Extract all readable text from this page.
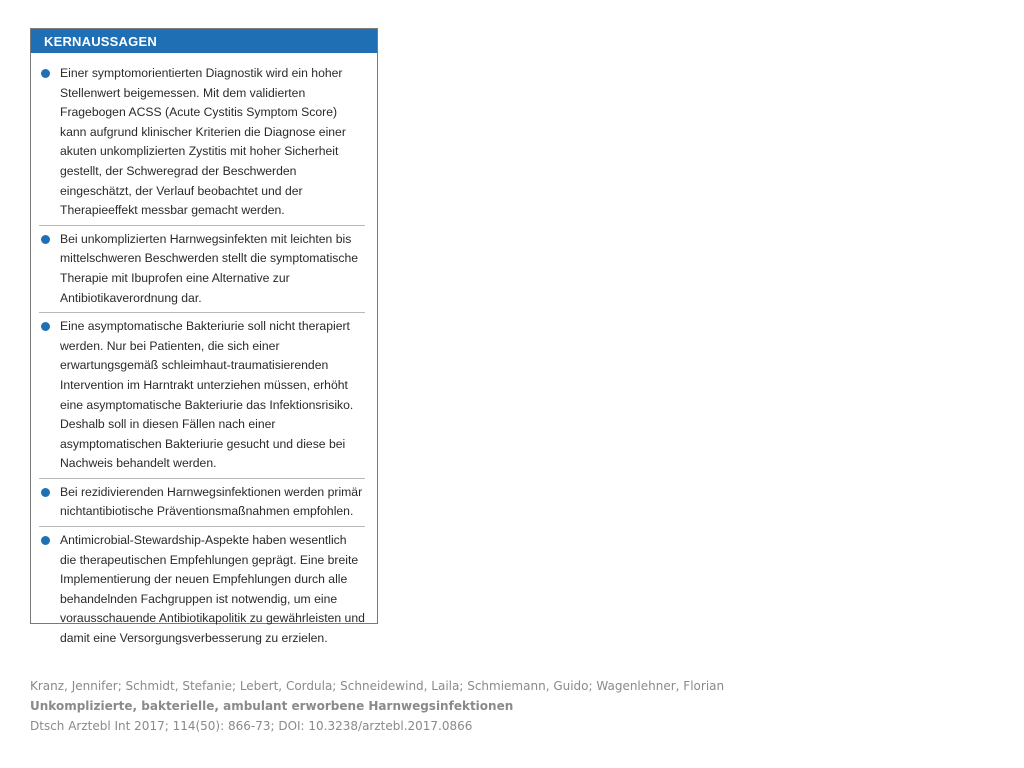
KERNAUSSAGEN
Einer symptomorientierten Diagnostik wird ein hoher Stellenwert beigemessen. Mit dem validierten Fragebogen ACSS (Acute Cystitis Symptom Score) kann aufgrund klinischer Kriterien die Diagnose einer akuten unkomplizierten Zystitis mit hoher Sicherheit gestellt, der Schweregrad der Beschwerden eingeschätzt, der Verlauf beobachtet und der Therapieeffekt messbar gemacht werden.
Bei unkomplizierten Harnwegsinfekten mit leichten bis mittelschweren Beschwerden stellt die symptomatische Therapie mit Ibuprofen eine Alternative zur Antibiotikaverordnung dar.
Eine asymptomatische Bakteriurie soll nicht therapiert werden. Nur bei Patienten, die sich einer erwartungsgemäß schleimhaut-traumatisierenden Intervention im Harntrakt unterziehen müssen, erhöht eine asymptomatische Bakteriurie das Infektionsrisiko. Deshalb soll in diesen Fällen nach einer asymptomatischen Bakteriurie gesucht und diese bei Nachweis behandelt werden.
Bei rezidivierenden Harnwegsinfektionen werden primär nichtantibiotische Präventionsmaßnahmen empfohlen.
Antimicrobial-Stewardship-Aspekte haben wesentlich die therapeutischen Empfehlungen geprägt. Eine breite Implementierung der neuen Empfehlungen durch alle behandelnden Fachgruppen ist notwendig, um eine vorausschauende Antibiotikapolitik zu gewährleisten und damit eine Versorgungsverbesserung zu erzielen.
Kranz, Jennifer; Schmidt, Stefanie; Lebert, Cordula; Schneidewind, Laila; Schmiemann, Guido; Wagenlehner, Florian
Unkomplizierte, bakterielle, ambulant erworbene Harnwegsinfektionen
Dtsch Arztebl Int 2017; 114(50): 866-73; DOI: 10.3238/arztebl.2017.0866
